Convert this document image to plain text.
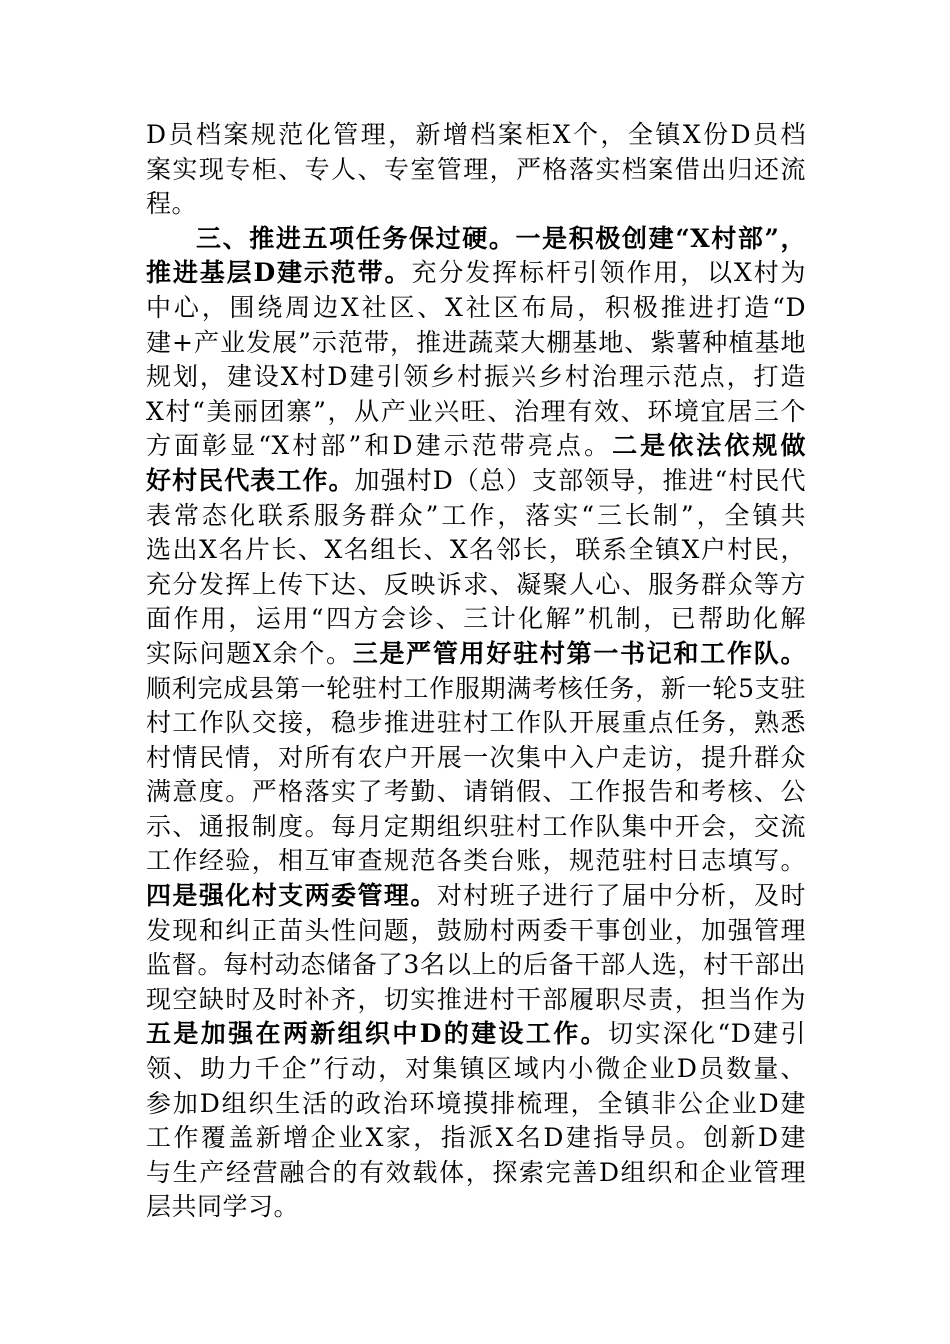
D员档案规范化管理，新增档案柜X个，全镇X份D员档
案实现专柜、专人、专室管理，严格落实档案借出归还流
程。
三、推进五项任务保过硬。一是积极创建“X村部”，
推进基层D建示范带。充分发挥标杆引领作用，以X村为
中心，围绕周边X社区、X社区布局，积极推进打造“D
建+产业发展”示范带，推进蔬菜大棚基地、紫薯种植基地
规划，建设X村D建引领乡村振兴乡村治理示范点，打造
X村“美丽团寨”，从产业兴旺、治理有效、环境宜居三个
方面彰显“X村部”和D建示范带亮点。二是依法依规做
好村民代表工作。加强村D（总）支部领导，推进“村民代
表常态化联系服务群众”工作，落实“三长制”，全镇共
选出X名片长、X名组长、X名邻长，联系全镇X户村民，
充分发挥上传下达、反映诉求、凝聚人心、服务群众等方
面作用，运用“四方会诊、三计化解”机制，已帮助化解
实际问题X余个。三是严管用好驻村第一书记和工作队。
顺利完成县第一轮驻村工作服期满考核任务，新一轮5支驻
村工作队交接，稳步推进驻村工作队开展重点任务，熟悉
村情民情，对所有农户开展一次集中入户走访，提升群众
满意度。严格落实了考勤、请销假、工作报告和考核、公
示、通报制度。每月定期组织驻村工作队集中开会，交流
工作经验，相互审查规范各类台账，规范驻村日志填写。
四是强化村支两委管理。对村班子进行了届中分析，及时
发现和纠正苗头性问题，鼓励村两委干事创业，加强管理
监督。每村动态储备了3名以上的后备干部人选，村干部出
现空缺时及时补齐，切实推进村干部履职尽责，担当作为
五是加强在两新组织中D的建设工作。切实深化“D建引
领、助力千企”行动，对集镇区域内小微企业D员数量、
参加D组织生活的政治环境摸排梳理，全镇非公企业D建
工作覆盖新增企业X家，指派X名D建指导员。创新D建
与生产经营融合的有效载体，探索完善D组织和企业管理
层共同学习。
